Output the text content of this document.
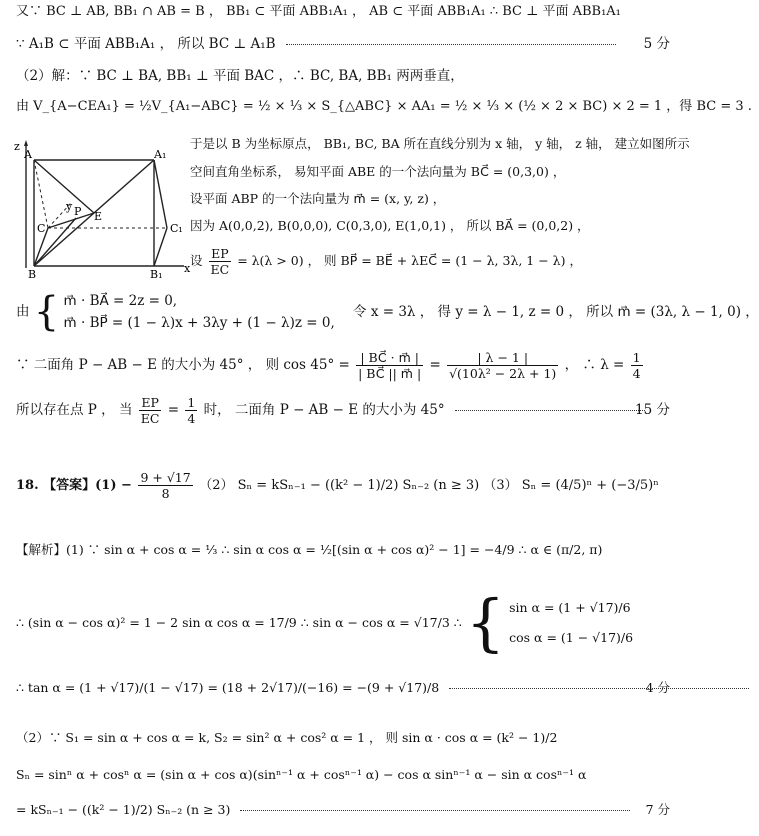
又∵ BC ⊥ AB, BB₁ ∩ AB = B ， BB₁ ⊂ 平面 ABB₁A₁ ， AB ⊂ 平面 ABB₁A₁ ∴ BC ⊥ 平面 ABB₁A₁
∵ A₁B ⊂ 平面 ABB₁A₁ ， 所以 BC ⊥ A₁B	5 分
（2）解：∵ BC ⊥ BA, BB₁ ⊥ 平面 BAC ，∴ BC, BA, BB₁ 两两垂直，
由 V_{A−CEA₁} = ½V_{A₁−ABC} = ½ × ⅓ × S_{△ABC} × AA₁ = ½ × ⅓ × (½ × 2 × BC) × 2 = 1 ，得 BC = 3 .
z
A	A₁
C
y P E
C₁
B	B₁ x
于是以 B 为坐标原点， BB₁, BC, BA 所在直线分别为 x 轴， y 轴， z 轴， 建立如图所示
空间直角坐标系， 易知平面 ABE 的一个法向量为 BC⃗ = (0,3,0) ，
设平面 ABP 的一个法向量为 m⃗ = (x, y, z) ，
因为 A(0,0,2), B(0,0,0), C(0,3,0), E(1,0,1) ， 所以 BA⃗ = (0,0,2) ，
设 $\frac{EP}{EC} = \lambda(\lambda > 0)$ ， 则 BP⃗ = BE⃗ + λEC⃗ = (1 − λ, 3λ, 1 − λ) ，
由 { m⃗ · BA⃗ = 2z = 0,
m⃗ · BP⃗ = (1 − λ)x + 3λy + (1 − λ)z = 0,
令 x = 3λ ， 得 y = λ − 1, z = 0 ， 所以 m⃗ = (3λ, λ − 1, 0) ，
∵ 二面角 P − AB − E 的大小为 45° ， 则 $\cos 45^\circ = \frac{| BC⃗ \cdot m⃗ |}{| BC⃗ || m⃗ |} = \frac{| \lambda - 1 |}{\text{√(10λ² − 2λ + 1)}}$ ， ∴ $\lambda = \frac{1}{4}$
所以存在点 P ， 当 $\frac{EP}{EC} = \frac{1}{4}$ 时， 二面角 P − AB − E 的大小为 45°	15 分
18. 【答案】$(1) - \frac{9 + √17}{8} (2) S_n = kS_{n-1} - ((k^2 - 1)/2)$ Sₙ₋₂ (n ≥ 3) （3） Sₙ = (4/5)ⁿ + (−3/5)ⁿ
【解析】(1) ∵ sin α + cos α = ⅓ ∴ sin α cos α = ½[(sin α + cos α)² − 1] = −4/9 ∴ α ∈ (π/2, π)
∴ (sin α − cos α)² = 1 − 2 sin α cos α = 17/9 ∴ sin α − cos α = √17/3 ∴ { sin α = (1 + √17)/6
cos α = (1 − √17)/6
∴ tan α = (1 + √17)/(1 − √17) = (18 + 2√17)/(−16) = −(9 + √17)/8	4 分
（2）∵ S₁ = sin α + cos α = k, S₂ = sin² α + cos² α = 1 ， 则 sin α · cos α = (k² − 1)/2
Sₙ = sinⁿ α + cosⁿ α = (sin α + cos α)(sinⁿ⁻¹ α + cosⁿ⁻¹ α) − cos α sinⁿ⁻¹ α − sin α cosⁿ⁻¹ α
= kSₙ₋₁ − ((k² − 1)/2) Sₙ₋₂ (n ≥ 3)	7 分
